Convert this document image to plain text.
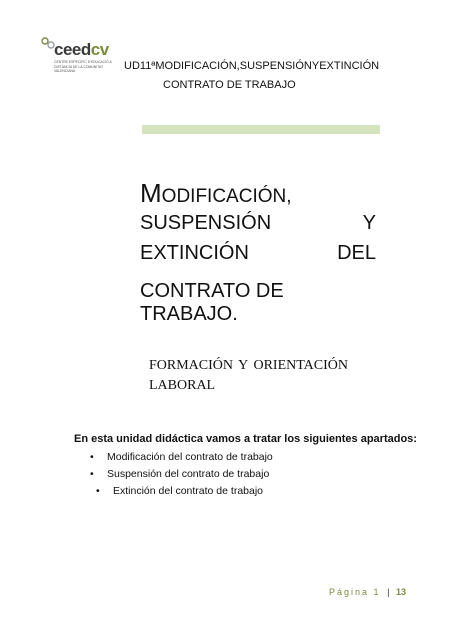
ceedcv
CENTRE ESPECÍFIC D'EDUCACIÓ A DISTÀNCIA DE LA COMUNITAT VALENCIANA	UD 11ª MODIFICACIÓN, SUSPENSIÓN Y EXTINCIÓN
CONTRATO DE TRABAJO
MODIFICACIÓN,
SUSPENSIÓN	Y
EXTINCIÓN	DEL
CONTRATO DE TRABAJO.
FORMACIÓN Y ORIENTACIÓN
LABORAL
En esta unidad didáctica vamos a tratar los siguientes apartados:
• Modificación del contrato de trabajo
• Suspensión del contrato de trabajo
• Extinción del contrato de trabajo
Página 1 | 13
